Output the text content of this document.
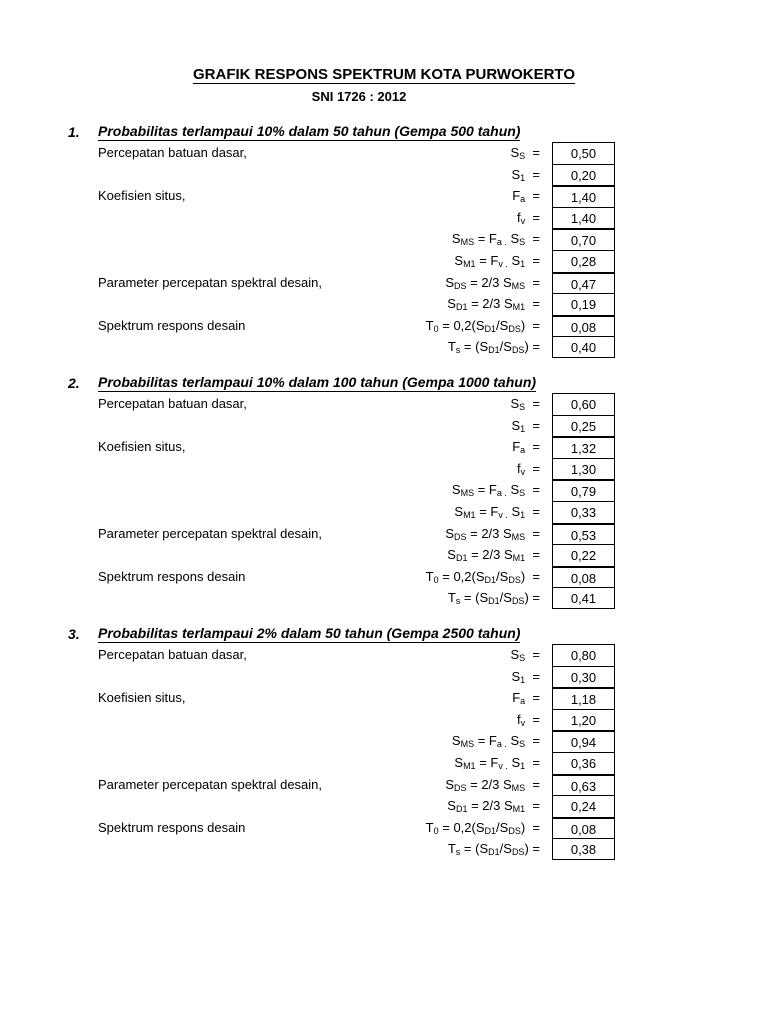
GRAFIK RESPONS SPEKTRUM KOTA PURWOKERTO
SNI 1726 : 2012
1. Probabilitas terlampaui 10% dalam 50 tahun (Gempa 500 tahun)
Percepatan batuan dasar,	$S_S$  =	0,50
$S_1$  =	0,20
Koefisien situs,	$F_a$  =	1,40
$f_v$  =	1,40
$S_{MS} = F_{a .}$ $S_S$  =	0,70
$S_{M1} = F_{v .}$ $S_1$  =	0,28
Parameter percepatan spektral desain,	$S_{DS} = 2/3$ $S_{MS}$  =	0,47
$S_{D1} = 2/3$ $S_{M1}$  =	0,19
Spektrum respons desain	$T_0 = 0,2(S_{D1}/S_{DS})$  =	0,08
$T_s = (S_{D1}/S_{DS})$ =	0,40
2. Probabilitas terlampaui 10% dalam 100 tahun (Gempa 1000 tahun)
Percepatan batuan dasar,	$S_S$  =	0,60
$S_1$  =	0,25
Koefisien situs,	$F_a$  =	1,32
$f_v$  =	1,30
$S_{MS} = F_{a .}$ $S_S$  =	0,79
$S_{M1} = F_{v .}$ $S_1$  =	0,33
Parameter percepatan spektral desain,	$S_{DS} = 2/3$ $S_{MS}$  =	0,53
$S_{D1} = 2/3$ $S_{M1}$  =	0,22
Spektrum respons desain	$T_0 = 0,2(S_{D1}/S_{DS})$  =	0,08
$T_s = (S_{D1}/S_{DS})$ =	0,41
3. Probabilitas terlampaui 2% dalam 50 tahun (Gempa 2500 tahun)
Percepatan batuan dasar,	$S_S$  =	0,80
$S_1$  =	0,30
Koefisien situs,	$F_a$  =	1,18
$f_v$  =	1,20
$S_{MS} = F_{a .}$ $S_S$  =	0,94
$S_{M1} = F_{v .}$ $S_1$  =	0,36
Parameter percepatan spektral desain,	$S_{DS} = 2/3$ $S_{MS}$  =	0,63
$S_{D1} = 2/3$ $S_{M1}$  =	0,24
Spektrum respons desain	$T_0 = 0,2(S_{D1}/S_{DS})$  =	0,08
$T_s = (S_{D1}/S_{DS})$ =	0,38
